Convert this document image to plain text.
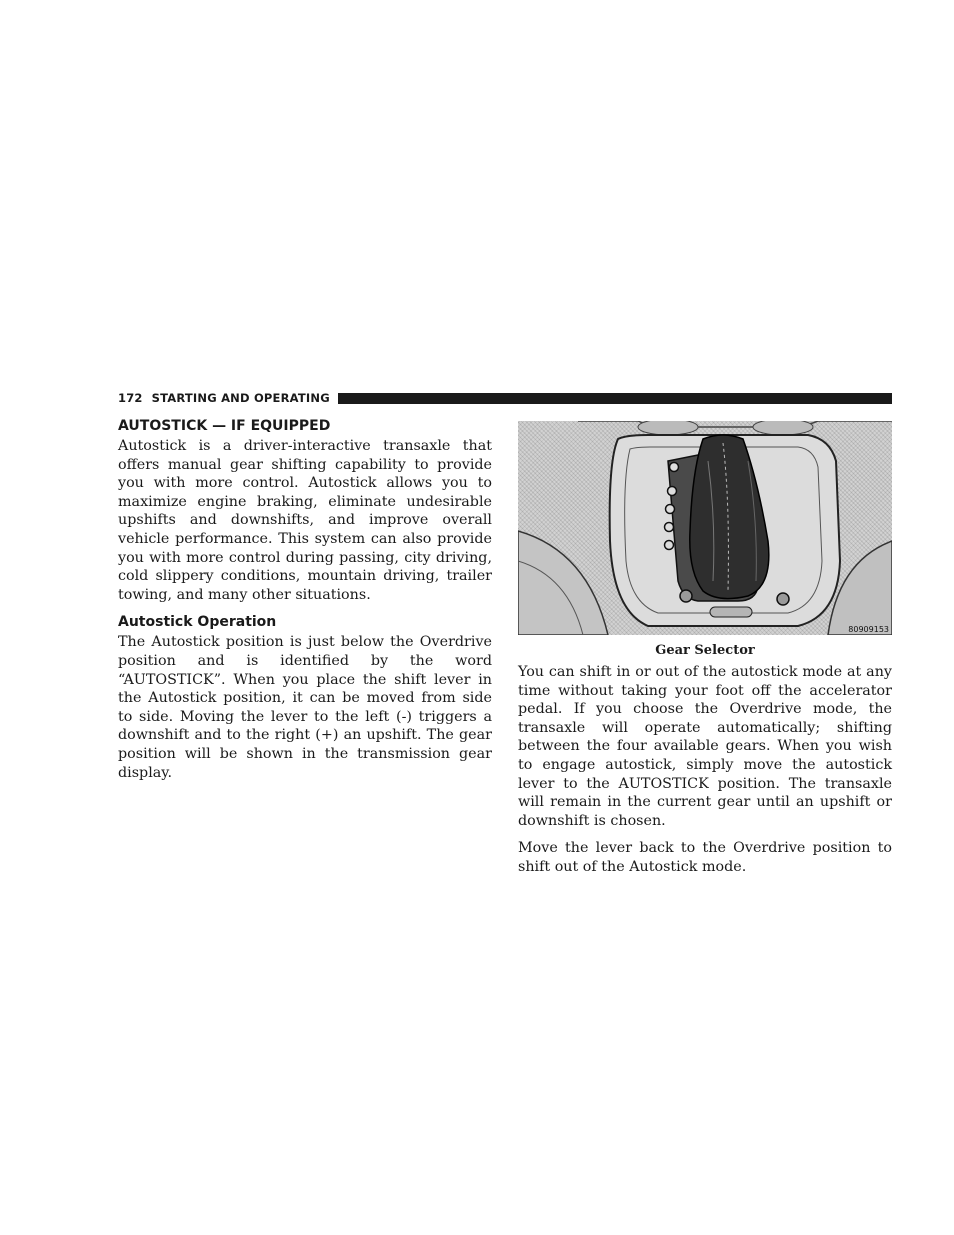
172 STARTING AND OPERATING
AUTOSTICK — IF EQUIPPED

Autostick is a driver-interactive transaxle that offers manual gear shifting capability to provide you with more control. Autostick allows you to maximize engine braking, eliminate undesirable upshifts and downshifts, and improve overall vehicle performance. This system can also provide you with more control during passing, city driving, cold slippery conditions, mountain driving, trailer towing, and many other situations.

Autostick Operation

The Autostick position is just below the Overdrive position and is identified by the word “AUTOSTICK”. When you place the shift lever in the Autostick position, it can be moved from side to side. Moving the lever to the left (-) triggers a downshift and to the right (+) an upshift. The gear position will be shown in the transmission gear display.

80909153
Gear Selector

You can shift in or out of the autostick mode at any time without taking your foot off the accelerator pedal. If you choose the Overdrive mode, the transaxle will operate automatically; shifting between the four available gears. When you wish to engage autostick, simply move the autostick lever to the AUTOSTICK position. The transaxle will remain in the current gear until an upshift or downshift is chosen.

Move the lever back to the Overdrive position to shift out of the Autostick mode.
